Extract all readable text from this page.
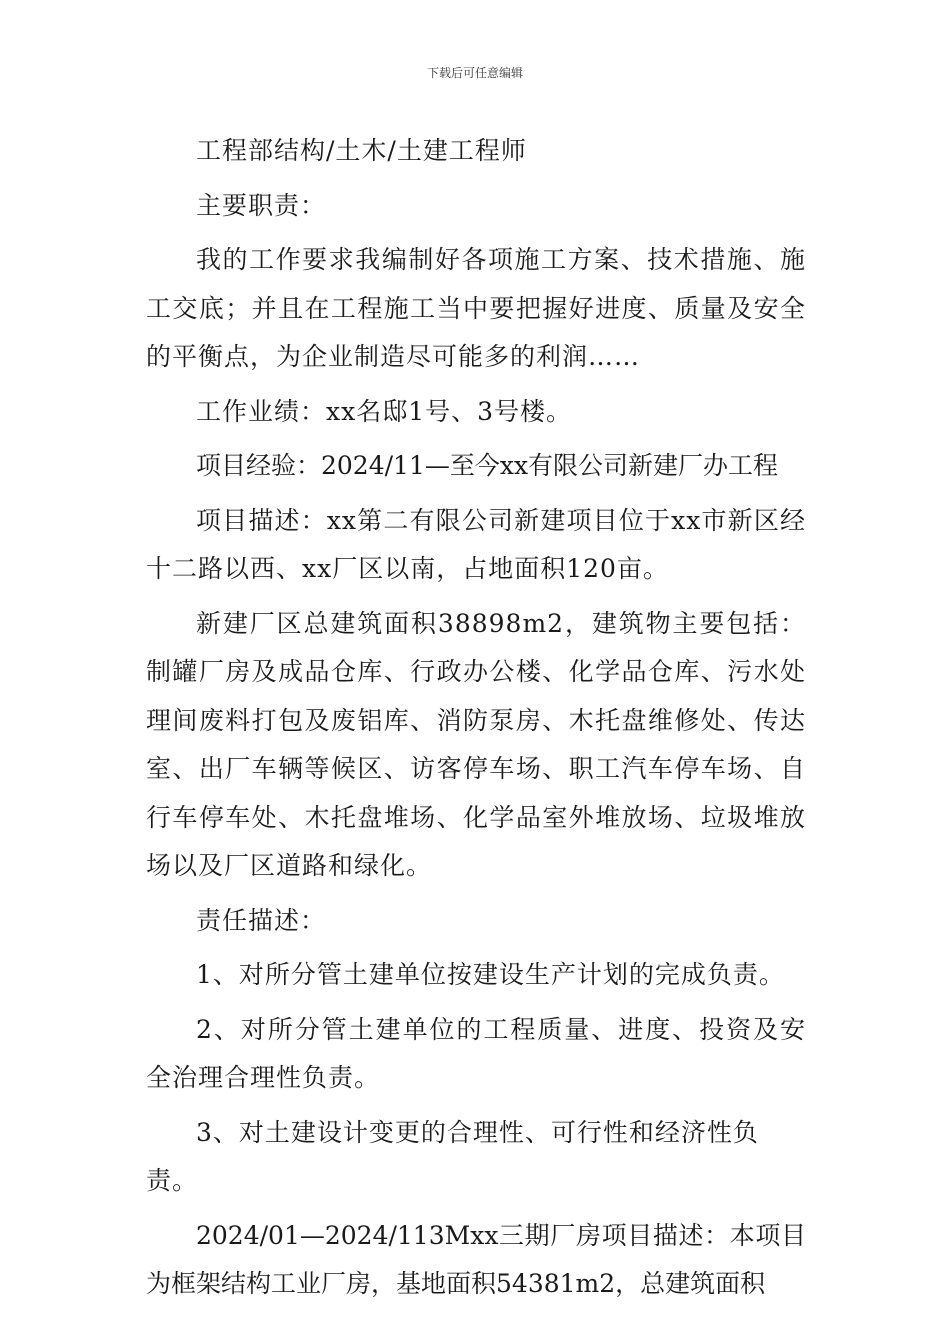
下载后可任意编辑

工程部结构/土木/土建工程师

主要职责：

我的工作要求我编制好各项施工方案、技术措施、施工交底；并且在工程施工当中要把握好进度、质量及安全的平衡点，为企业制造尽可能多的利润……

工作业绩：xx名邸1号、3号楼。

项目经验：2024/11—至今xx有限公司新建厂办工程

项目描述：xx第二有限公司新建项目位于xx市新区经十二路以西、xx厂区以南，占地面积120亩。

新建厂区总建筑面积38898m2，建筑物主要包括：制罐厂房及成品仓库、行政办公楼、化学品仓库、污水处理间废料打包及废铝库、消防泵房、木托盘维修处、传达室、出厂车辆等候区、访客停车场、职工汽车停车场、自行车停车处、木托盘堆场、化学品室外堆放场、垃圾堆放场以及厂区道路和绿化。

责任描述：

1、对所分管土建单位按建设生产计划的完成负责。

2、对所分管土建单位的工程质量、进度、投资及安全治理合理性负责。

3、对土建设计变更的合理性、可行性和经济性负责。

2024/01—2024/113Mxx三期厂房项目描述：本项目为框架结构工业厂房，基地面积54381m2，总建筑面积
